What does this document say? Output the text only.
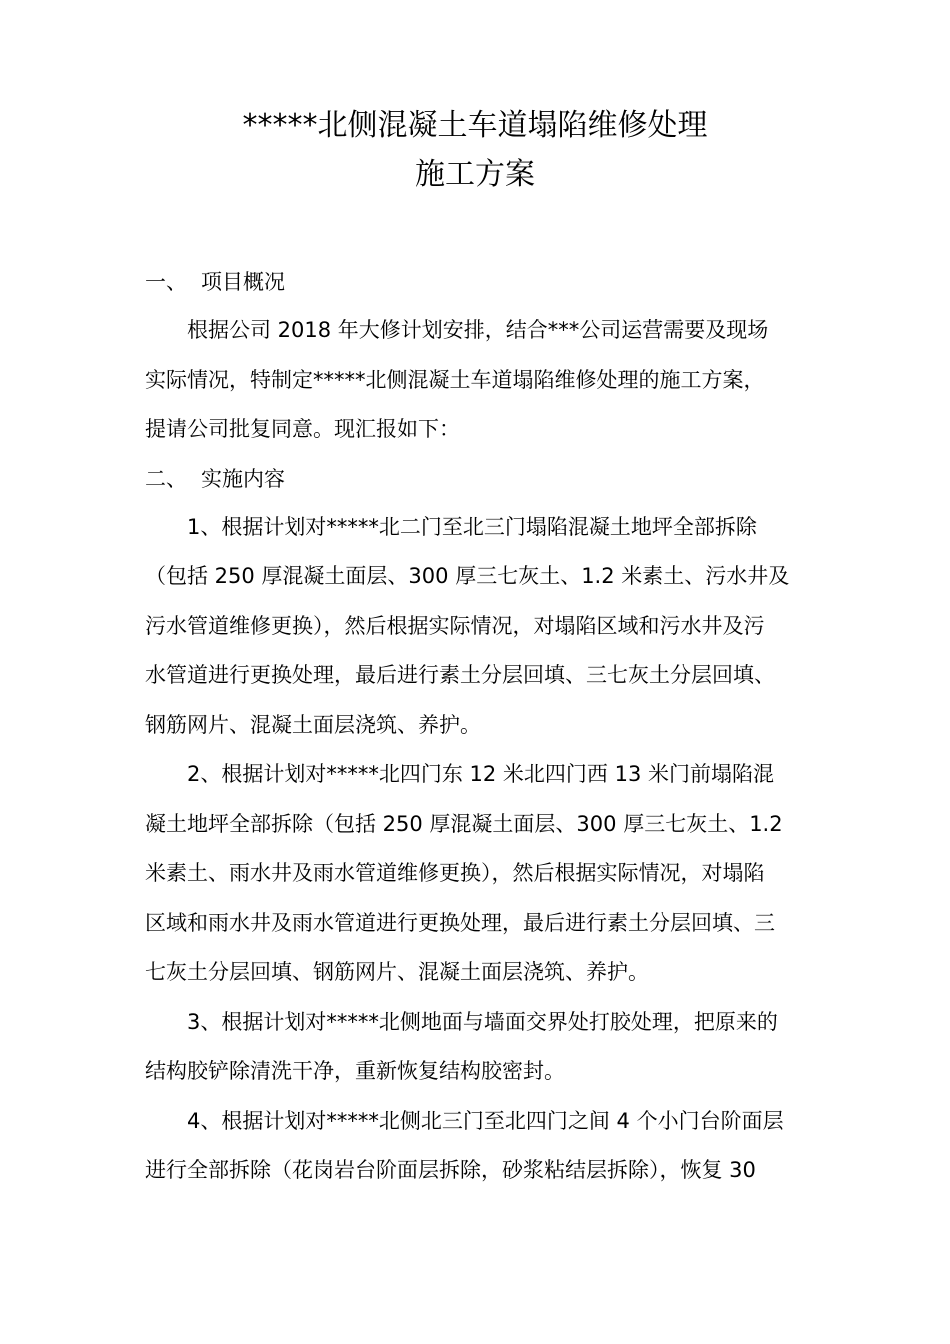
*****北侧混凝土车道塌陷维修处理
施工方案
一、 项目概况
根据公司 2018 年大修计划安排，结合***公司运营需要及现场
实际情况，特制定*****北侧混凝土车道塌陷维修处理的施工方案，
提请公司批复同意。现汇报如下：
二、 实施内容
1、根据计划对*****北二门至北三门塌陷混凝土地坪全部拆除
（包括 250 厚混凝土面层、300 厚三七灰土、1.2 米素土、污水井及
污水管道维修更换），然后根据实际情况，对塌陷区域和污水井及污
水管道进行更换处理，最后进行素土分层回填、三七灰土分层回填、
钢筋网片、混凝土面层浇筑、养护。
2、根据计划对*****北四门东 12 米北四门西 13 米门前塌陷混
凝土地坪全部拆除（包括 250 厚混凝土面层、300 厚三七灰土、1.2
米素土、雨水井及雨水管道维修更换），然后根据实际情况，对塌陷
区域和雨水井及雨水管道进行更换处理，最后进行素土分层回填、三
七灰土分层回填、钢筋网片、混凝土面层浇筑、养护。
3、根据计划对*****北侧地面与墙面交界处打胶处理，把原来的
结构胶铲除清洗干净，重新恢复结构胶密封。
4、根据计划对*****北侧北三门至北四门之间 4 个小门台阶面层
进行全部拆除（花岗岩台阶面层拆除，砂浆粘结层拆除），恢复 30
